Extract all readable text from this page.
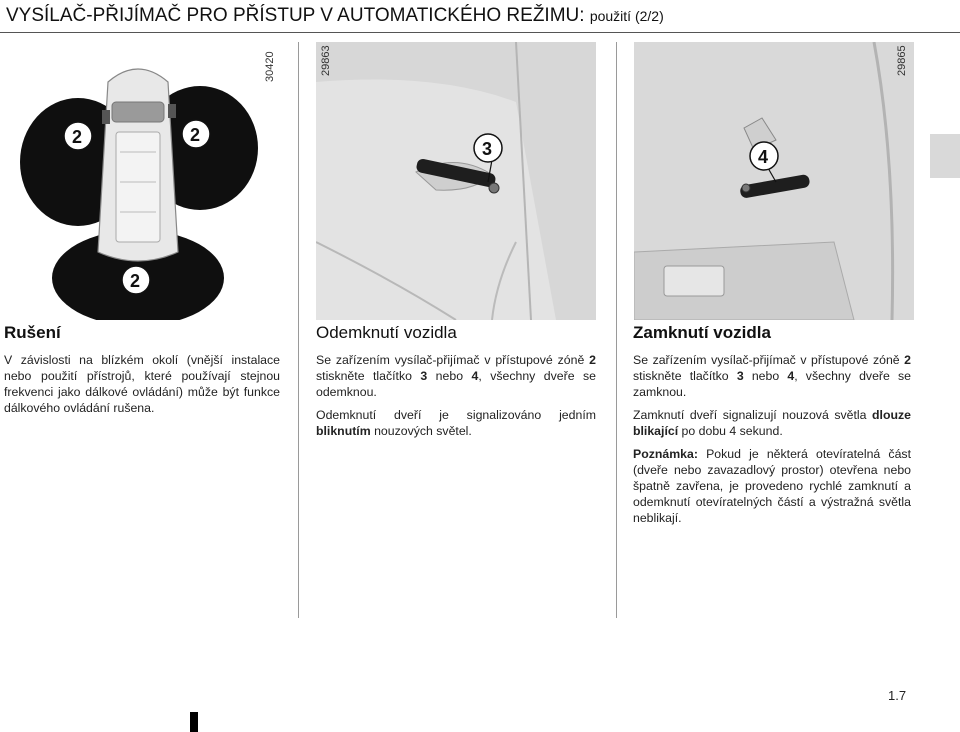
VYSÍLAČ-PŘIJÍMAČ PRO PŘÍSTUP V AUTOMATICKÉHO REŽIMU: použití (2/2)
2	2
2
30420
3
29863
4
29865
Rušení

V závislosti na blízkém okolí (vnější instalace nebo použití přístrojů, které používají stejnou frekvenci jako dálkové ovládání) může být funkce dálkového ovládání rušena.

Odemknutí vozidla

Se zařízením vysílač-přijímač v přístupové zóně 2 stiskněte tlačítko 3 nebo 4, všechny dveře se odemknou.

Odemknutí dveří je signalizováno jedním bliknutím nouzových světel.

Zamknutí vozidla

Se zařízením vysílač-přijímač v přístupové zóně 2 stiskněte tlačítko 3 nebo 4, všechny dveře se zamknou.

Zamknutí dveří signalizují nouzová světla dlouze blikající po dobu 4 sekund.

Poznámka: Pokud je některá otevíratelná část (dveře nebo zavazadlový prostor) otevřena nebo špatně zavřena, je provedeno rychlé zamknutí a odemknutí otevíratelných částí a výstražná světla neblikají.

1.7
